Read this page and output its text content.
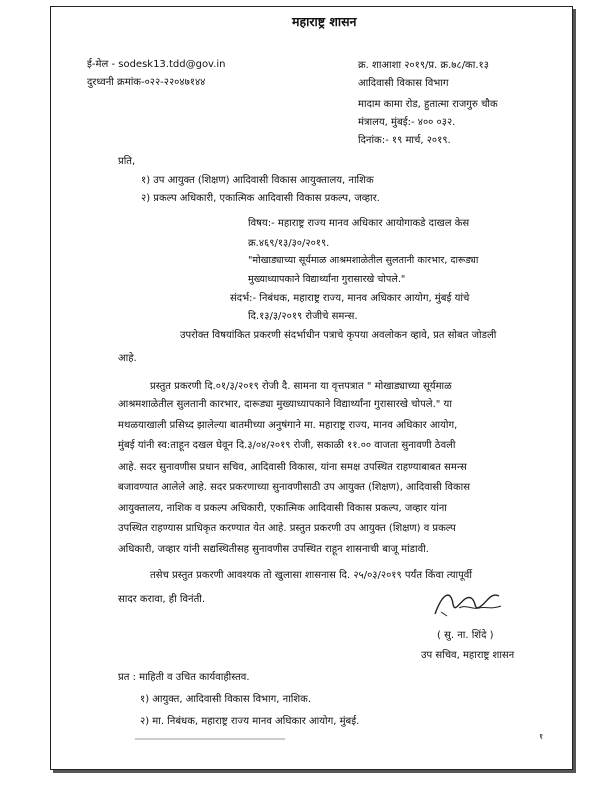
महाराष्ट्र शासन
ई-मेल - sodesk13.tdd@gov.in
दुरध्वनी क्रमांक-०२२-२२०४७१४४
क्र. शाआशा २०१९/प्र. क्र.७८/का.१३
आदिवासी विकास विभाग
मादाम कामा रोड, हुतात्मा राजगुरु चौक
मंत्रालय, मुंबई:- ४०० ०३२.
दिनांक:- १९ मार्च, २०१९.
प्रति,
१) उप आयुक्त (शिक्षण) आदिवासी विकास आयुक्तालय, नाशिक
२) प्रकल्प अधिकारी, एकात्मिक आदिवासी विकास प्रकल्प, जव्हार.
विषय:- महाराष्ट्र राज्य मानव अधिकार आयोगाकडे दाखल केस
क्र.४६९/१३/३०/२०१९.
"मोखाड्याच्या सूर्यमाळ आश्रमशाळेतील सुलतानी कारभार, दारूड्या
मुख्याध्यापकाने विद्यार्थ्यांना गुरासारखे चोपले."
संदर्भ:- निबंधक, महाराष्ट्र राज्य, मानव अधिकार आयोग, मुंबई यांचे
दि.१३/३/२०१९ रोजीचे समन्स.
उपरोक्त विषयांकित प्रकरणी संदर्भाधीन पत्राचे कृपया अवलोकन व्हावे, प्रत सोबत जोडली
आहे.
प्रस्तुत प्रकरणी दि.०१/३/२०१९ रोजी दै. सामना या वृत्तपत्रात " मोखाड्याच्या सूर्यमाळ
आश्रमशाळेतील सुलतानी कारभार, दारूड्या मुख्याध्यापकाने विद्यार्थ्यांना गुरासारखे चोपले." या
मथळयाखाली प्रसिध्द झालेल्या बातमीच्या अनुषंगाने मा. महाराष्ट्र राज्य, मानव अधिकार आयोग,
मुंबई यांनी स्व:ताहून दखल घेवून दि.३/०४/२०१९ रोजी, सकाळी ११.०० वाजता सुनावणी ठेवली
आहे. सदर सुनावणीस प्रधान सचिव, आदिवासी विकास, यांना समक्ष उपस्थित राहण्याबाबत समन्स
बजावण्यात आलेले आहे. सदर प्रकरणाच्या सुनावणीसाठी उप आयुक्त (शिक्षण), आदिवासी विकास
आयुक्तालय, नाशिक व प्रकल्प अधिकारी, एकात्मिक आदिवासी विकास प्रकल्प, जव्हार यांना
उपस्थित राहण्यास प्राधिकृत करण्यात येत आहे. प्रस्तुत प्रकरणी उप आयुक्त (शिक्षण) व प्रकल्प
अधिकारी, जव्हार यांनी सद्यस्थितीसह सुनावणीस उपस्थित राहून शासनाची बाजू मांडावी.
तसेच प्रस्तुत प्रकरणी आवश्यक तो खुलासा शासनास दि. २५/०३/२०१९ पर्यंत किंवा त्यापूर्वी
सादर करावा, ही विनंती.
( सु. ना. शिंदे )
उप सचिव, महाराष्ट्र शासन
प्रत : माहिती व उचित कार्यवाहीस्तव.
१) आयुक्त, आदिवासी विकास विभाग, नाशिक.
२) मा. निबंधक, महाराष्ट्र राज्य मानव अधिकार आयोग, मुंबई.
१
